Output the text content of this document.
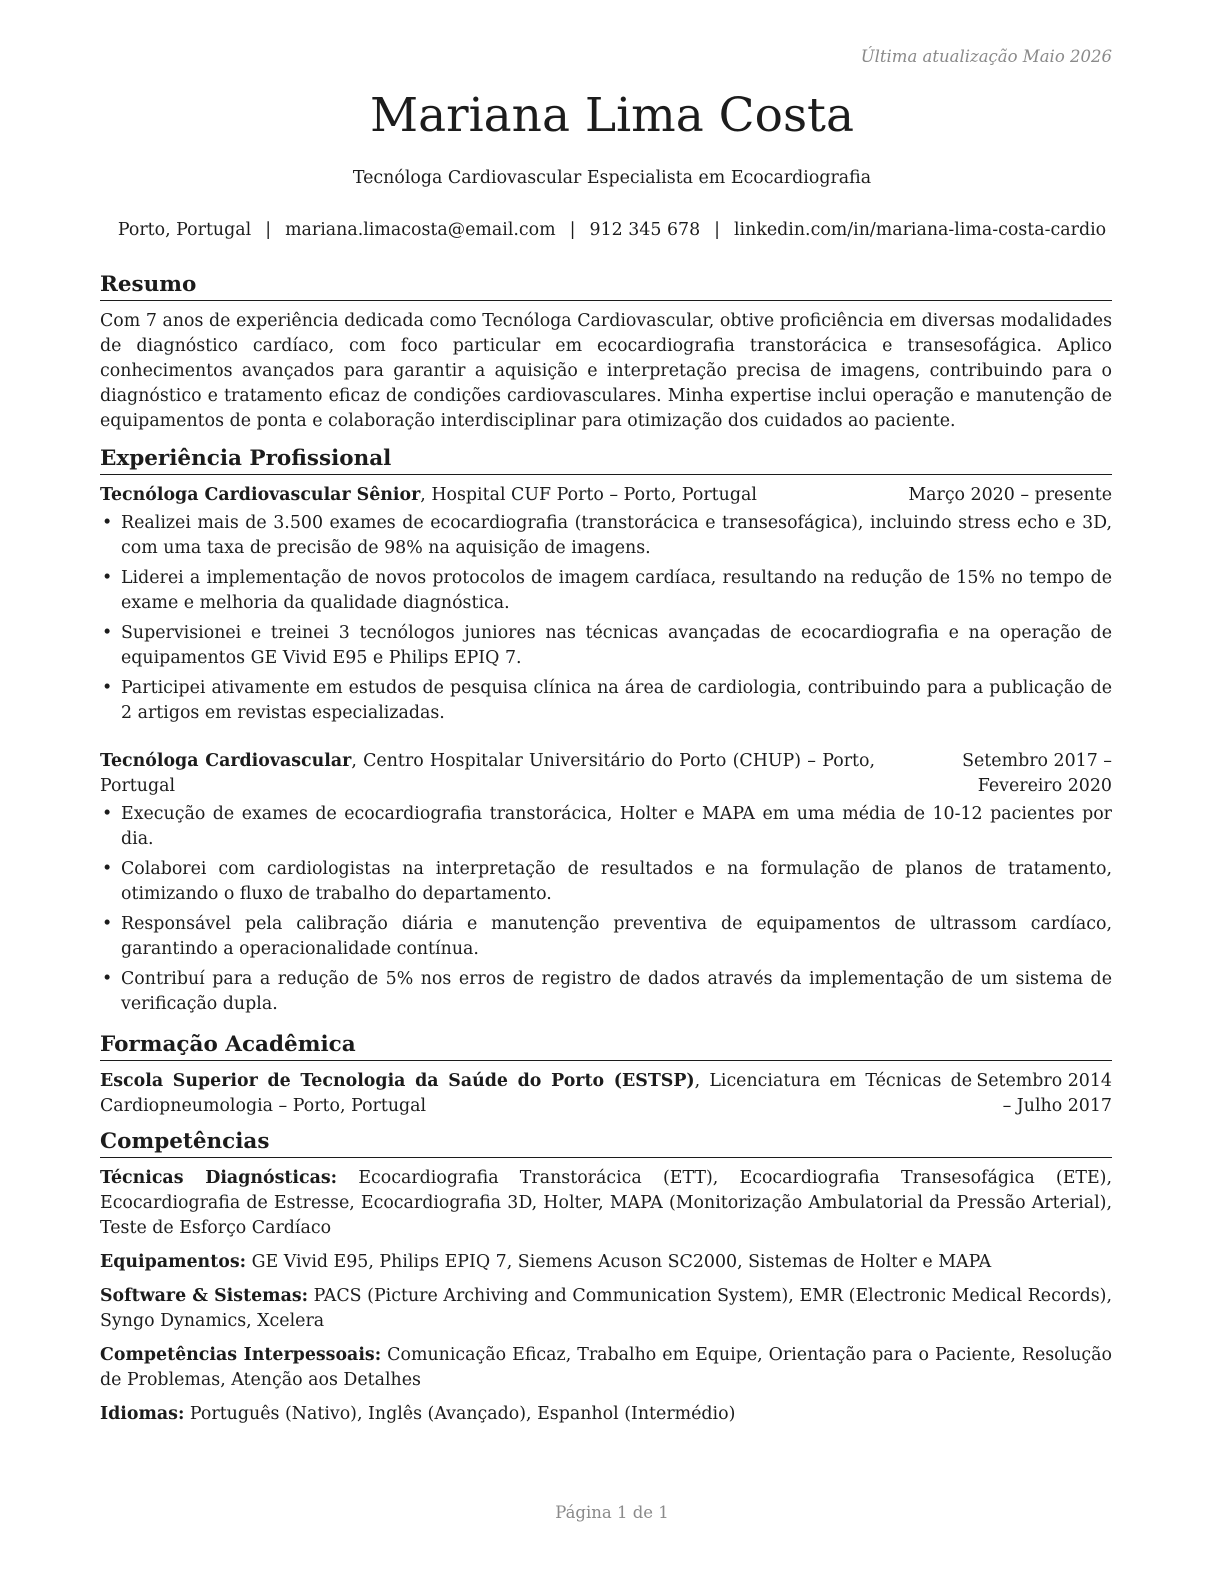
Última atualização Maio 2026
Mariana Lima Costa
Tecnóloga Cardiovascular Especialista em Ecocardiografia
Porto, Portugal | mariana.limacosta@email.com | 912 345 678 | linkedin.com/in/mariana-lima-costa-cardio
Resumo
Com 7 anos de experiência dedicada como Tecnóloga Cardiovascular, obtive proficiência em diversas modalidades de diagnóstico cardíaco, com foco particular em ecocardiografia transtorácica e transesofágica. Aplico conhecimentos avançados para garantir a aquisição e interpretação precisa de imagens, contribuindo para o diagnóstico e tratamento eficaz de condições cardiovasculares. Minha expertise inclui operação e manutenção de equipamentos de ponta e colaboração interdisciplinar para otimização dos cuidados ao paciente.
Experiência Profissional
Tecnóloga Cardiovascular Sênior, Hospital CUF Porto – Porto, Portugal	Março 2020 – presente
• Realizei mais de 3.500 exames de ecocardiografia (transtorácica e transesofágica), incluindo stress echo e 3D, com uma taxa de precisão de 98% na aquisição de imagens.
• Liderei a implementação de novos protocolos de imagem cardíaca, resultando na redução de 15% no tempo de exame e melhoria da qualidade diagnóstica.
• Supervisionei e treinei 3 tecnólogos juniores nas técnicas avançadas de ecocardiografia e na operação de equipamentos GE Vivid E95 e Philips EPIQ 7.
• Participei ativamente em estudos de pesquisa clínica na área de cardiologia, contribuindo para a publicação de 2 artigos em revistas especializadas.
Tecnóloga Cardiovascular, Centro Hospitalar Universitário do Porto (CHUP) – Porto, Portugal
Setembro 2017 – Fevereiro 2020
• Execução de exames de ecocardiografia transtorácica, Holter e MAPA em uma média de 10-12 pacientes por dia.
• Colaborei com cardiologistas na interpretação de resultados e na formulação de planos de tratamento, otimizando o fluxo de trabalho do departamento.
• Responsável pela calibração diária e manutenção preventiva de equipamentos de ultrassom cardíaco, garantindo a operacionalidade contínua.
• Contribuí para a redução de 5% nos erros de registro de dados através da implementação de um sistema de verificação dupla.
Formação Acadêmica
Escola Superior de Tecnologia da Saúde do Porto (ESTSP), Licenciatura em Técnicas de Cardiopneumologia – Porto, Portugal
Setembro 2014 – Julho 2017
Competências
Técnicas Diagnósticas: Ecocardiografia Transtorácica (ETT), Ecocardiografia Transesofágica (ETE), Ecocardiografia de Estresse, Ecocardiografia 3D, Holter, MAPA (Monitorização Ambulatorial da Pressão Arterial), Teste de Esforço Cardíaco
Equipamentos: GE Vivid E95, Philips EPIQ 7, Siemens Acuson SC2000, Sistemas de Holter e MAPA
Software & Sistemas: PACS (Picture Archiving and Communication System), EMR (Electronic Medical Records), Syngo Dynamics, Xcelera
Competências Interpessoais: Comunicação Eficaz, Trabalho em Equipe, Orientação para o Paciente, Resolução de Problemas, Atenção aos Detalhes
Idiomas: Português (Nativo), Inglês (Avançado), Espanhol (Intermédio)
Página 1 de 1
